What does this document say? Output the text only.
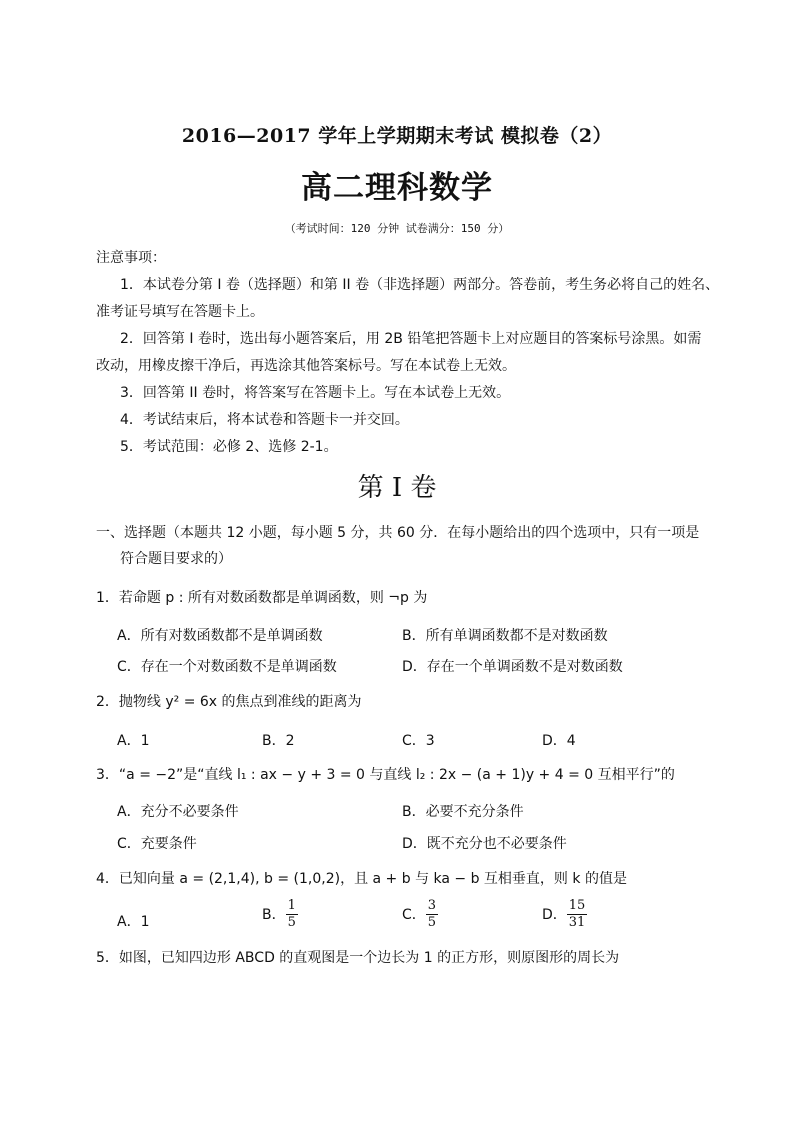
2016—2017 学年上学期期末考试 模拟卷（2）
高二理科数学
（考试时间：120 分钟 试卷满分：150 分）
注意事项：
1．本试卷分第 I 卷（选择题）和第 II 卷（非选择题）两部分。答卷前，考生务必将自己的姓名、
准考证号填写在答题卡上。
2．回答第 I 卷时，选出每小题答案后，用 2B 铅笔把答题卡上对应题目的答案标号涂黑。如需
改动，用橡皮擦干净后，再选涂其他答案标号。写在本试卷上无效。
3．回答第 II 卷时，将答案写在答题卡上。写在本试卷上无效。
4．考试结束后，将本试卷和答题卡一并交回。
5．考试范围：必修 2、选修 2-1。
第 I 卷
一、选择题（本题共 12 小题，每小题 5 分，共 60 分．在每小题给出的四个选项中，只有一项是
符合题目要求的）
1．若命题 p : 所有对数函数都是单调函数，则 ¬p 为
A．所有对数函数都不是单调函数	B．所有单调函数都不是对数函数
C．存在一个对数函数不是单调函数	D．存在一个单调函数不是对数函数
2．抛物线 y² = 6x 的焦点到准线的距离为
A．1	B．2	C．3	D．4
3．“a = −2”是“直线 l₁ : ax − y + 3 = 0 与直线 l₂ : 2x − (a + 1)y + 4 = 0 互相平行”的
A．充分不必要条件	B．必要不充分条件
C．充要条件	D．既不充分也不必要条件
4．已知向量 a = (2,1,4), b = (1,0,2)，且 a + b 与 ka − b 互相垂直，则 k 的值是
A．1	B． $\frac{1}{5}$	C． $\frac{3}{5}$	D． $\frac{15}{31}$
5．如图，已知四边形 ABCD 的直观图是一个边长为 1 的正方形，则原图形的周长为
